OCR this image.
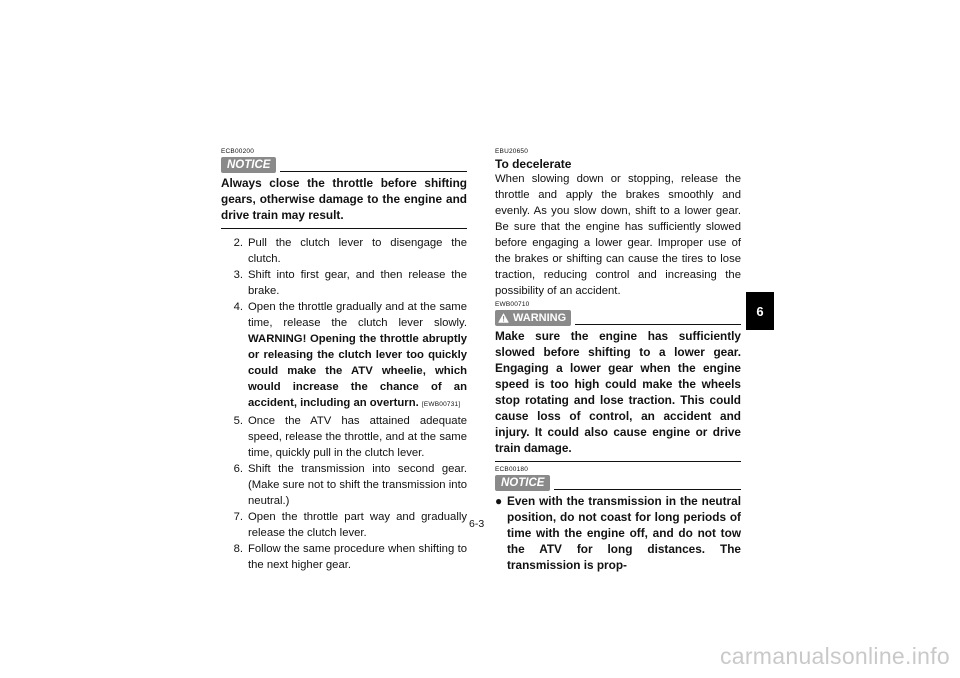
ECB00200
NOTICE
Always close the throttle before shifting gears, otherwise damage to the engine and drive train may result.
2. Pull the clutch lever to disengage the clutch.
3. Shift into first gear, and then release the brake.
4. Open the throttle gradually and at the same time, release the clutch lever slowly. WARNING! Opening the throttle abruptly or releasing the clutch lever too quickly could make the ATV wheelie, which would increase the chance of an accident, including an overturn. [EWB00731]
5. Once the ATV has attained adequate speed, release the throttle, and at the same time, quickly pull in the clutch lever.
6. Shift the transmission into second gear. (Make sure not to shift the transmission into neutral.)
7. Open the throttle part way and gradually release the clutch lever.
8. Follow the same procedure when shifting to the next higher gear.
EBU20650
To decelerate
When slowing down or stopping, release the throttle and apply the brakes smoothly and evenly. As you slow down, shift to a lower gear. Be sure that the engine has sufficiently slowed before engaging a lower gear. Improper use of the brakes or shifting can cause the tires to lose traction, reducing control and increasing the possibility of an accident.
EWB00710
WARNING
Make sure the engine has sufficiently slowed before shifting to a lower gear. Engaging a lower gear when the engine speed is too high could make the wheels stop rotating and lose traction. This could cause loss of control, an accident and injury. It could also cause engine or drive train damage.
ECB00180
NOTICE
● Even with the transmission in the neutral position, do not coast for long periods of time with the engine off, and do not tow the ATV for long distances. The transmission is prop-
6
6-3
carmanualsonline.info
